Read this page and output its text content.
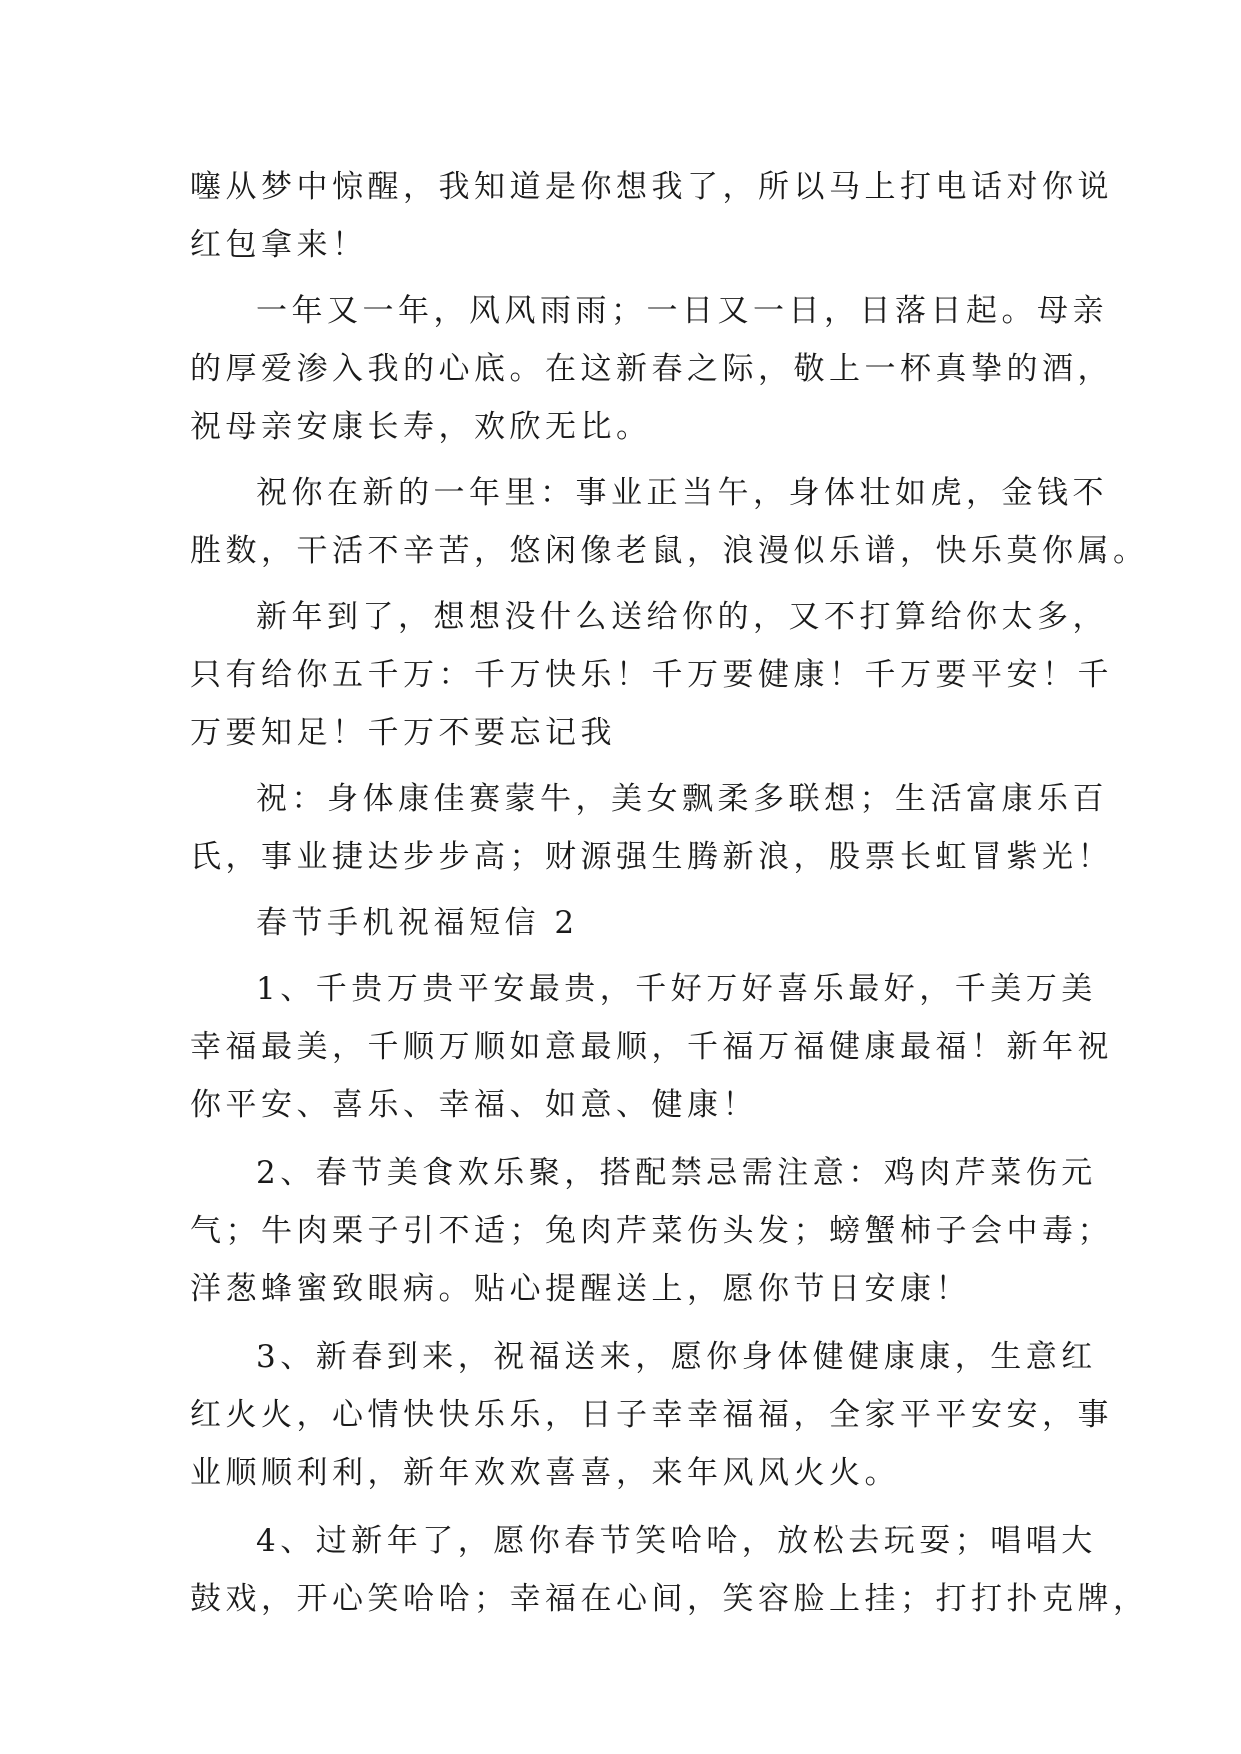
噻从梦中惊醒，我知道是你想我了，所以马上打电话对你说
红包拿来！
一年又一年，风风雨雨；一日又一日，日落日起。母亲
的厚爱渗入我的心底。在这新春之际，敬上一杯真挚的酒，
祝母亲安康长寿，欢欣无比。
祝你在新的一年里：事业正当午，身体壮如虎，金钱不
胜数，干活不辛苦，悠闲像老鼠，浪漫似乐谱，快乐莫你属。
新年到了，想想没什么送给你的，又不打算给你太多，
只有给你五千万：千万快乐！千万要健康！千万要平安！千
万要知足！千万不要忘记我
祝：身体康佳赛蒙牛，美女飘柔多联想；生活富康乐百
氏，事业捷达步步高；财源强生腾新浪，股票长虹冒紫光！
春节手机祝福短信 2
1、千贵万贵平安最贵，千好万好喜乐最好，千美万美
幸福最美，千顺万顺如意最顺，千福万福健康最福！新年祝
你平安、喜乐、幸福、如意、健康！
2、春节美食欢乐聚，搭配禁忌需注意：鸡肉芹菜伤元
气；牛肉栗子引不适；兔肉芹菜伤头发；螃蟹柿子会中毒；
洋葱蜂蜜致眼病。贴心提醒送上，愿你节日安康！
3、新春到来，祝福送来，愿你身体健健康康，生意红
红火火，心情快快乐乐，日子幸幸福福，全家平平安安，事
业顺顺利利，新年欢欢喜喜，来年风风火火。
4、过新年了，愿你春节笑哈哈，放松去玩耍；唱唱大
鼓戏，开心笑哈哈；幸福在心间，笑容脸上挂；打打扑克牌，
